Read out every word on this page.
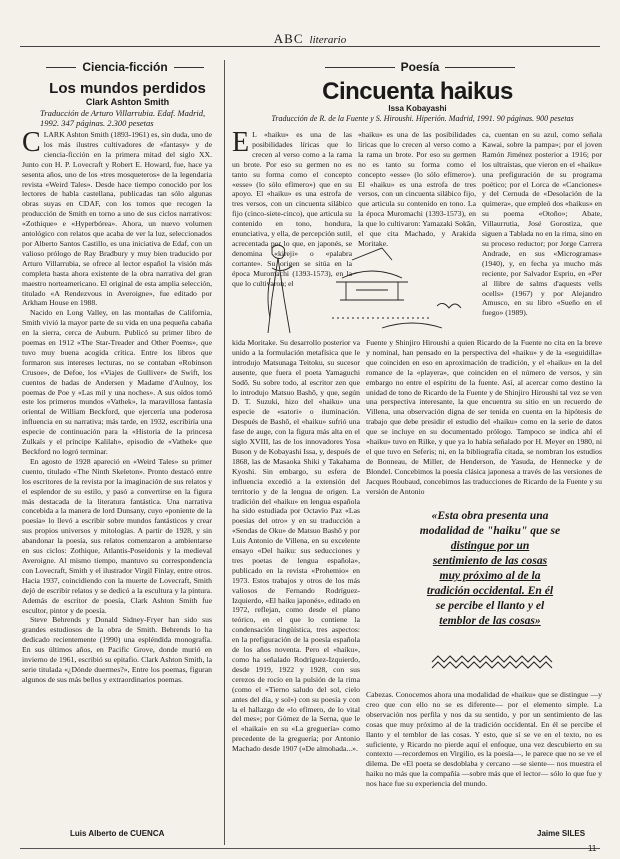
ABC literario
Ciencia-ficción	Poesía
Los mundos perdidos
Clark Ashton Smith
Traducción de Arturo Villarrubia. Edaf. Madrid, 1992. 347 páginas. 2.300 pesetas
Cincuenta haikus
Issa Kobayashi
Traducción de R. de la Fuente y S. Hiroushi. Hiperión. Madrid, 1991. 90 páginas. 900 pesetas

CLARK Ashton Smith (1893-1961) es, sin duda, uno de los más ilustres cultivadores de «fantasy» y de ciencia-ficción en la primera mitad del siglo XX. Junto con H. P. Lovecraft y Robert E. Howard, fue, hace ya sesenta años, uno de los «tres mosqueteros» de la legendaria revista «Weird Tales». Desde hace tiempo conocido por los lectores de habla castellana, publicadas tan sólo algunas obras suyas en CDAF, con los tomos que recogen la producción de Smith en torno a uno de sus ciclos narrativos: «Zothique» e «Hyperbórea». Ahora, un nuevo volumen antológico con relatos que acaba de ver la luz, seleccionados por Alberto Santos Castillo, es una iniciativa de Edaf, con un valioso prólogo de Ray Bradbury y muy bien traducido por Arturo Villarrubia, se ofrece al lector español la visión más completa hasta ahora existente de la obra narrativa del gran maestro norteamericano. El original de esta amplia selección, titulado «A Rendezvous in Averoigne», fue editado por Arkham House en 1988.

Nacido en Long Valley, en las montañas de California, Smith vivió la mayor parte de su vida en una pequeña cabaña en la sierra, cerca de Auburn. Publicó su primer libro de poemas en 1912 «The Star-Treader and Other Poems», que tuvo muy buena acogida crítica. Entre los libros que formaron sus intereses lecturas, no se contaban «Robinson Crusoe», de Defoe, los «Viajes de Gulliver» de Swift, los cuentos de hadas de Andersen y Madame d'Aulnoy, los poemas de Poe y «Las mil y una noches». A sus oídos tomó este los primeros mundos «Vathek», la maravillosa fantasía oriental de William Beckford, que ejercería una poderosa influencia en su narrativa; más tarde, en 1932, escribiría una especie de continuación para la «Historia de la princesa Zulkaïs y el príncipe Kalilah», episodio de «Vathek» que Beckford no logró terminar.

En agosto de 1928 apareció en «Weird Tales» su primer cuento, titulado «The Ninth Skeleton». Pronto destacó entre los escritores de la revista por la imaginación de sus relatos y el esplendor de su estilo, y pasó a convertirse en la figura más destacada de la literatura fantástica. Una narrativa concebida a la manera de lord Dunsany, cuyo «poniente de la poesía» lo llevó a escribir sobre mundos fantásticos y crear sus propios universos y mitologías. A partir de 1928, y sin abandonar la poesía, sus relatos comenzaron a ambientarse en sus ciclos: Zothique, Atlantis-Poseidonis y la medieval Averoigne. Al mismo tiempo, mantuvo su correspondencia con Lovecraft, Smith y el ilustrador Virgil Finlay, entre otros. Hacia 1937, coincidiendo con la muerte de Lovecraft, Smith dejó de escribir relatos y se dedicó a la escultura y la pintura. Además de escritor de poesía, Clark Ashton Smith fue escultor, pintor y de poesía.

Steve Behrends y Donald Sidney-Fryer han sido sus grandes estudiosos de la obra de Smith. Behrends lo ha dedicado recientemente (1990) una espléndida monografía. En sus últimos años, en Pacific Grove, donde murió en invierno de 1961, escribió su epitafio. Clark Ashton Smith, la serie titulada «¿Dónde duermes?», Entre los poemas, figuran algunos de sus más bellos y extraordinarios poemas.

Luis Alberto de CUENCA

E L «haiku» es una de las posibilidades líricas que lo crecen al verso como a la rama un brote. Por eso su germen no es tanto su forma como el concepto «esse» (lo sólo efímero») que en su apoyo. El «haiku» es una estrofa de tres versos, con un cincuenta silábico fijo (cinco-siete-cinco), que articula su contenido en tono, hondura, enunciativa, y ella, de percepción sutil, acrecentada por lo que, en japonés, se denomina «kireji» o «palabra cortante». Su origen se sitúa en la época Muromachi (1393-1573), en la que lo cultivaron; el

«haiku» es una de las posibilidades líricas que lo crecen al verso como a la rama un brote. Por eso su germen no es tanto su forma como el concepto «esse» (lo sólo efímero»). El «haiku» es una estrofa de tres versos, con un cincuenta silábico fijo, que articula su contenido en tono. La la época Muromachi (1393-1573), en la que lo cultivaron: Yamazaki Sokān, el que cita Machado, y Arakida Moritake.

ca, cuentan en su azul, como señala Kawai, sobre la pampa»; por el joven Ramón Jiménez posterior a 1916; por los ultraístas, que vieron en el «haiku» una prefiguración de su programa poético; por el Lorca de «Canciones» y del Cernuda de «Desolación de la quimera», que empleó dos «haikus» en su poema «Otoño»; Abate, Villaurrutia, José Gorostiza, que siguen a Tablada no en la rima, sino en su proceso reductor; por Jorge Carrera Andrade, en sus «Microgramas» (1940), y, en fecha ya mucho más reciente, por Salvador Espriu, en «Per al llibre de salms d'aquests vells ocells» (1967) y por Alejandro Amusco, en su libro «Sueño en el fuego» (1989).

kida Moritake. Su desarrollo posterior va unido a la formulación metafísica que le introdujo Matsunaga Teitoku, su sucesor ausente, que fuera el poeta Yamaguchi Sodō. Su sobre todo, al escritor zen que lo introdujo Matsuo Bashō, y que, según D. T. Suzuki, hizo del «haiku» una especie de «satori» o iluminación. Después de Bashō, el «haiku» sufrió una fase de auge, con la figura más alta en el siglo XVIII, las de los innovadores Yosa Buson y de Kobayashi Issa, y, después de 1868, las de Masaoka Shiki y Takahama Kyoshi. Sin embargo, su esfera de influencia excedió a la extensión del territorio y de la lengua de origen. La tradición del «haiku» en lengua española ha sido estudiada por Octavio Paz «Las poesías del otro» y en su traducción a «Sendas de Oku» de Matsuo Bashō y por Luis Antonio de Villena, en su excelente ensayo «Del haiku: sus seducciones y tres poetas de lengua española», publicado en la revista «Prohemio» en 1973. Estos trabajos y otros de los más valiosos de Fernando Rodríguez-Izquierdo, «El haiku japonés», editado en 1972, reflejan, como desde el plano teórico, en el que lo contiene la condensación lingüística, tres aspectos: en la prefiguración de la poesía española de los años noventa. Pero el «haiku», como ha señalado Rodríguez-Izquierdo, desde 1919, 1922 y 1928, con sus cerezos de rocío en la pulsión de la rima (como el «Tierno saludo del sol, cielo antes del día, y sol») con su poesía y con la el hallazgo de «lo efímero, de lo vital del mes»; por Gómez de la Serna, que le el «haikai» en su «La greguería» como precedente de la greguería; por Antonio Machado desde 1907 («De almohada...».

Fuente y Shinjiro Hiroushi a quien Ricardo de la Fuente no cita en la breve y nominal, han pensado en la perspectiva del «haiku» y de la «seguidilla» que coinciden en eso en aproximación de tradición, y el «haiku» en la del romance de la «playera», que coinciden en el número de versos, y sin embargo no entre el espíritu de la fuente. Así, al acercar como destino la unidad de tono de Ricardo de la Fuente y de Shinjiro Hiroushi tal vez se ven una perspectiva interesante, la que encuentra su sitio en un recuerdo de Villena, una observación digna de ser tenida en cuenta en la hipótesis de trabajo que debe presidir el estudio del «haiku» como en la serie de datos que se incluye en su documentado prólogo. Tampoco se indica ahí el «haiku» tuvo en Rilke, y que ya lo había señalado por H. Meyer en 1980, ni el que tuvo en Seferis; ni, en la bibliografía citada, se nombran los estudios de Bonneau, de Miller, de Henderson, de Yasuda, de Hennecke y de Blondel. Concebimos la poesía clásica japonesa a través de las versiones de Jacques Roubaud, concebimos las traducciones de Ricardo de la Fuente y su versión de Antonio

«Esta obra presenta una
modalidad de "haiku" que se
distingue por un
sentimiento de las cosas
muy próximo al de la
tradición occidental. En él
se percibe el llanto y el
temblor de las cosas»

Cabezas. Conocemos ahora una modalidad de «haiku» que se distingue —y creo que con ello no se es diferente— por el elemento simple. La observación nos perfila y nos da su sentido, y por un sentimiento de las cosas que muy próximo al de la tradición occidental. En él se percibe el llanto y el temblor de las cosas. Y esto, que sí se ve en el texto, no es suficiente, y Ricardo no pierde aquí el enfoque, una vez descubierto en su contexto —recordemos en Virgilio, es la poesía—, le parece que no se ve el dilema. De «El poeta se desdoblaba y cercano —se siente— nos muestra el haiku no más que la compañía —sobre más que el lector— sólo lo que fue y nos hace fue su experiencia del mundo.

Jaime SILES
11
